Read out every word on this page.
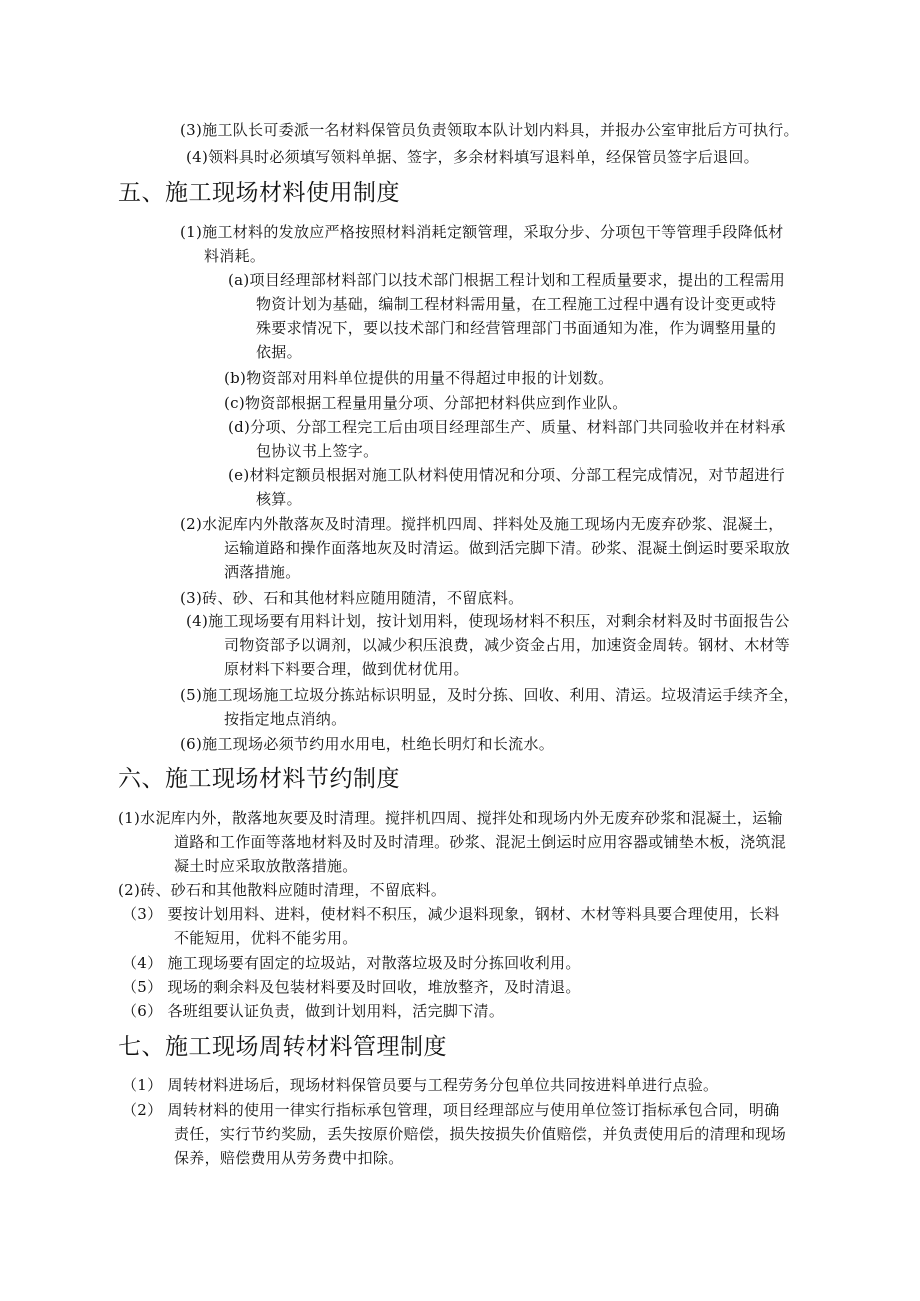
(3)施工队长可委派一名材料保管员负责领取本队计划内料具，并报办公室审批后方可执行。
(4)领料具时必须填写领料单据、签字，多余材料填写退料单，经保管员签字后退回。
五、施工现场材料使用制度
(1)施工材料的发放应严格按照材料消耗定额管理，采取分步、分项包干等管理手段降低材
料消耗。
(a)项目经理部材料部门以技术部门根据工程计划和工程质量要求，提出的工程需用
物资计划为基础，编制工程材料需用量，在工程施工过程中遇有设计变更或特
殊要求情况下，要以技术部门和经营管理部门书面通知为准，作为调整用量的
依据。
(b)物资部对用料单位提供的用量不得超过申报的计划数。
(c)物资部根据工程量用量分项、分部把材料供应到作业队。
(d)分项、分部工程完工后由项目经理部生产、质量、材料部门共同验收并在材料承
包协议书上签字。
(e)材料定额员根据对施工队材料使用情况和分项、分部工程完成情况，对节超进行
核算。
(2)水泥库内外散落灰及时清理。搅拌机四周、拌料处及施工现场内无废弃砂浆、混凝土，
运输道路和操作面落地灰及时清运。做到活完脚下清。砂浆、混凝土倒运时要采取放
洒落措施。
(3)砖、砂、石和其他材料应随用随清，不留底料。
(4)施工现场要有用料计划，按计划用料，使现场材料不积压，对剩余材料及时书面报告公
司物资部予以调剂，以减少积压浪费，减少资金占用，加速资金周转。钢材、木材等
原材料下料要合理，做到优材优用。
(5)施工现场施工垃圾分拣站标识明显，及时分拣、回收、利用、清运。垃圾清运手续齐全，
按指定地点消纳。
(6)施工现场必须节约用水用电，杜绝长明灯和长流水。
六、施工现场材料节约制度
(1)水泥库内外，散落地灰要及时清理。搅拌机四周、搅拌处和现场内外无废弃砂浆和混凝土，运输
道路和工作面等落地材料及时及时清理。砂浆、混泥土倒运时应用容器或铺垫木板，浇筑混
凝土时应采取放散落措施。
(2)砖、砂石和其他散料应随时清理，不留底料。
（3） 要按计划用料、进料，使材料不积压，减少退料现象，钢材、木材等料具要合理使用，长料
不能短用，优料不能劣用。
（4） 施工现场要有固定的垃圾站，对散落垃圾及时分拣回收利用。
（5） 现场的剩余料及包装材料要及时回收，堆放整齐，及时清退。
（6） 各班组要认证负责，做到计划用料，活完脚下清。
七、施工现场周转材料管理制度
（1） 周转材料进场后，现场材料保管员要与工程劳务分包单位共同按进料单进行点验。
（2） 周转材料的使用一律实行指标承包管理，项目经理部应与使用单位签订指标承包合同，明确
责任，实行节约奖励，丢失按原价赔偿，损失按损失价值赔偿，并负责使用后的清理和现场
保养，赔偿费用从劳务费中扣除。
